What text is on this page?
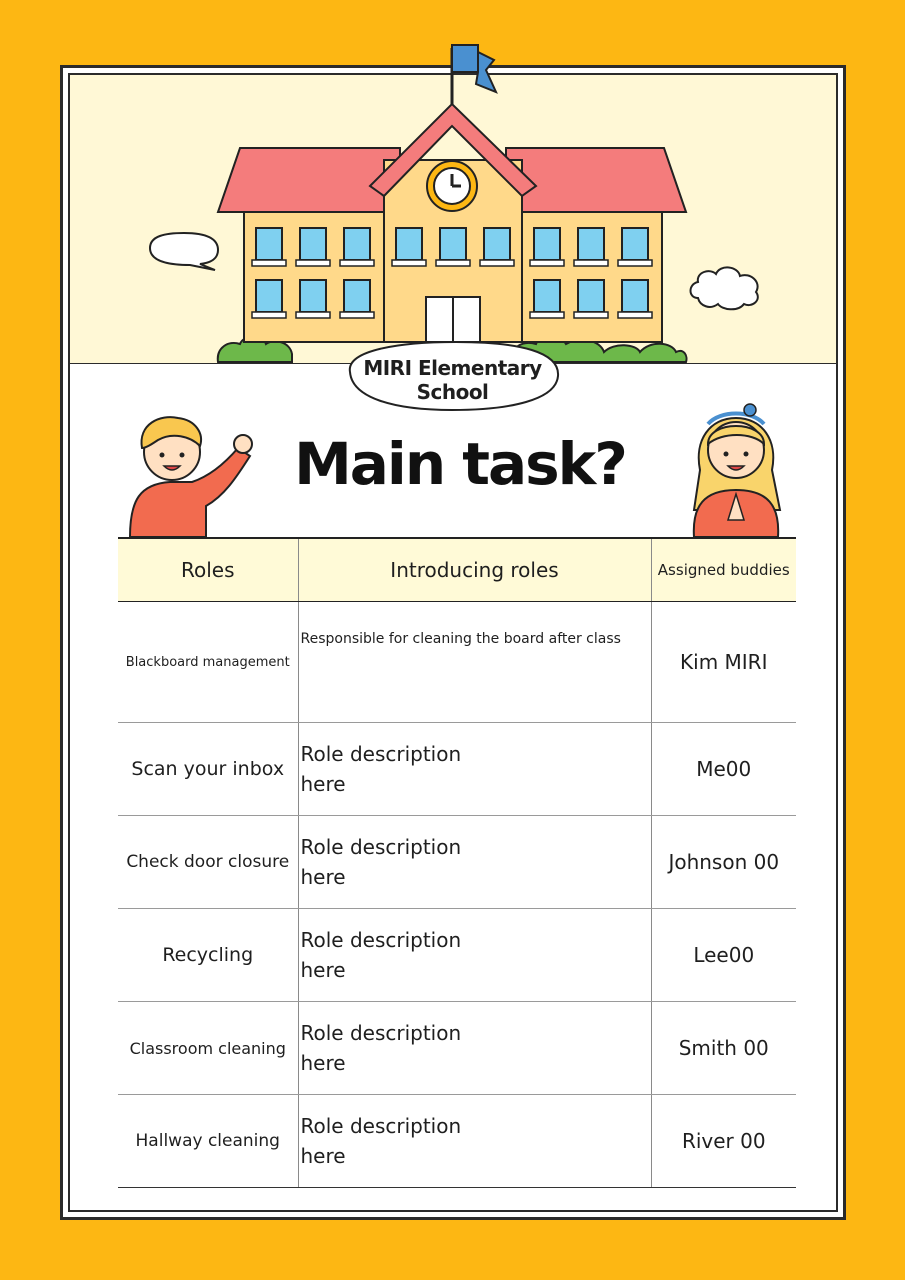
MIRI Elementary School
Main task?
Roles	Introducing roles	Assigned buddies
Blackboard management	Responsible for cleaning the board after class	Kim MIRI
Scan your inbox	Role description here	Me00
Check door closure	Role description here	Johnson 00
Recycling	Role description here	Lee00
Classroom cleaning	Role description here	Smith 00
Hallway cleaning	Role description here	River 00
